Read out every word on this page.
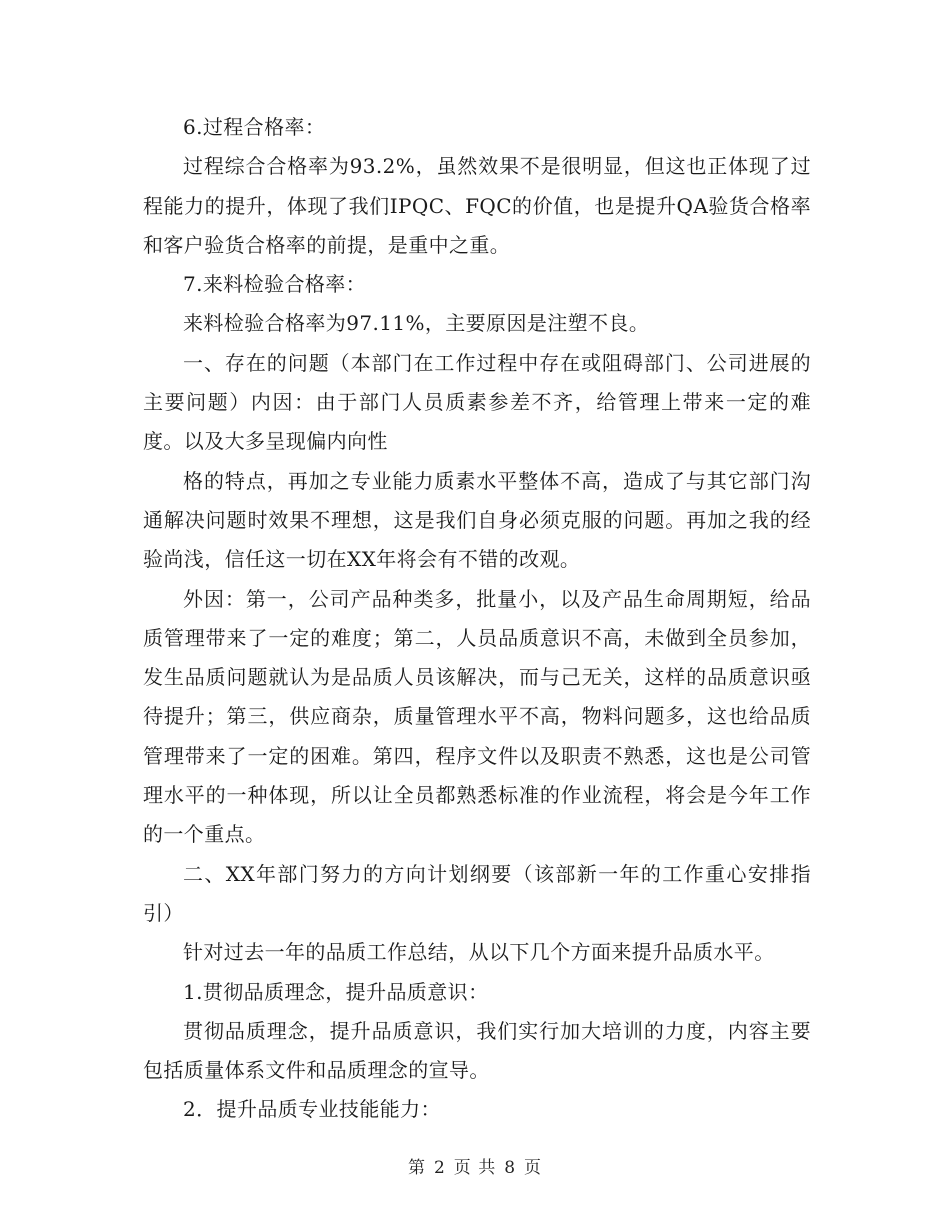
6.过程合格率：

过程综合合格率为93.2%，虽然效果不是很明显，但这也正体现了过程能力的提升，体现了我们IPQC、FQC的价值，也是提升QA验货合格率和客户验货合格率的前提，是重中之重。

7.来料检验合格率：

来料检验合格率为97.11%，主要原因是注塑不良。

一、存在的问题（本部门在工作过程中存在或阻碍部门、公司进展的主要问题）内因：由于部门人员质素参差不齐，给管理上带来一定的难度。以及大多呈现偏内向性

格的特点，再加之专业能力质素水平整体不高，造成了与其它部门沟通解决问题时效果不理想，这是我们自身必须克服的问题。再加之我的经验尚浅，信任这一切在XX年将会有不错的改观。

外因：第一，公司产品种类多，批量小，以及产品生命周期短，给品质管理带来了一定的难度；第二，人员品质意识不高，未做到全员参加，发生品质问题就认为是品质人员该解决，而与己无关，这样的品质意识亟待提升；第三，供应商杂，质量管理水平不高，物料问题多，这也给品质管理带来了一定的困难。第四，程序文件以及职责不熟悉，这也是公司管理水平的一种体现，所以让全员都熟悉标准的作业流程，将会是今年工作的一个重点。

二、XX年部门努力的方向计划纲要（该部新一年的工作重心安排指引）

针对过去一年的品质工作总结，从以下几个方面来提升品质水平。

1.贯彻品质理念，提升品质意识：

贯彻品质理念，提升品质意识，我们实行加大培训的力度，内容主要包括质量体系文件和品质理念的宣导。

2．提升品质专业技能能力：

第 2 页 共 8 页
